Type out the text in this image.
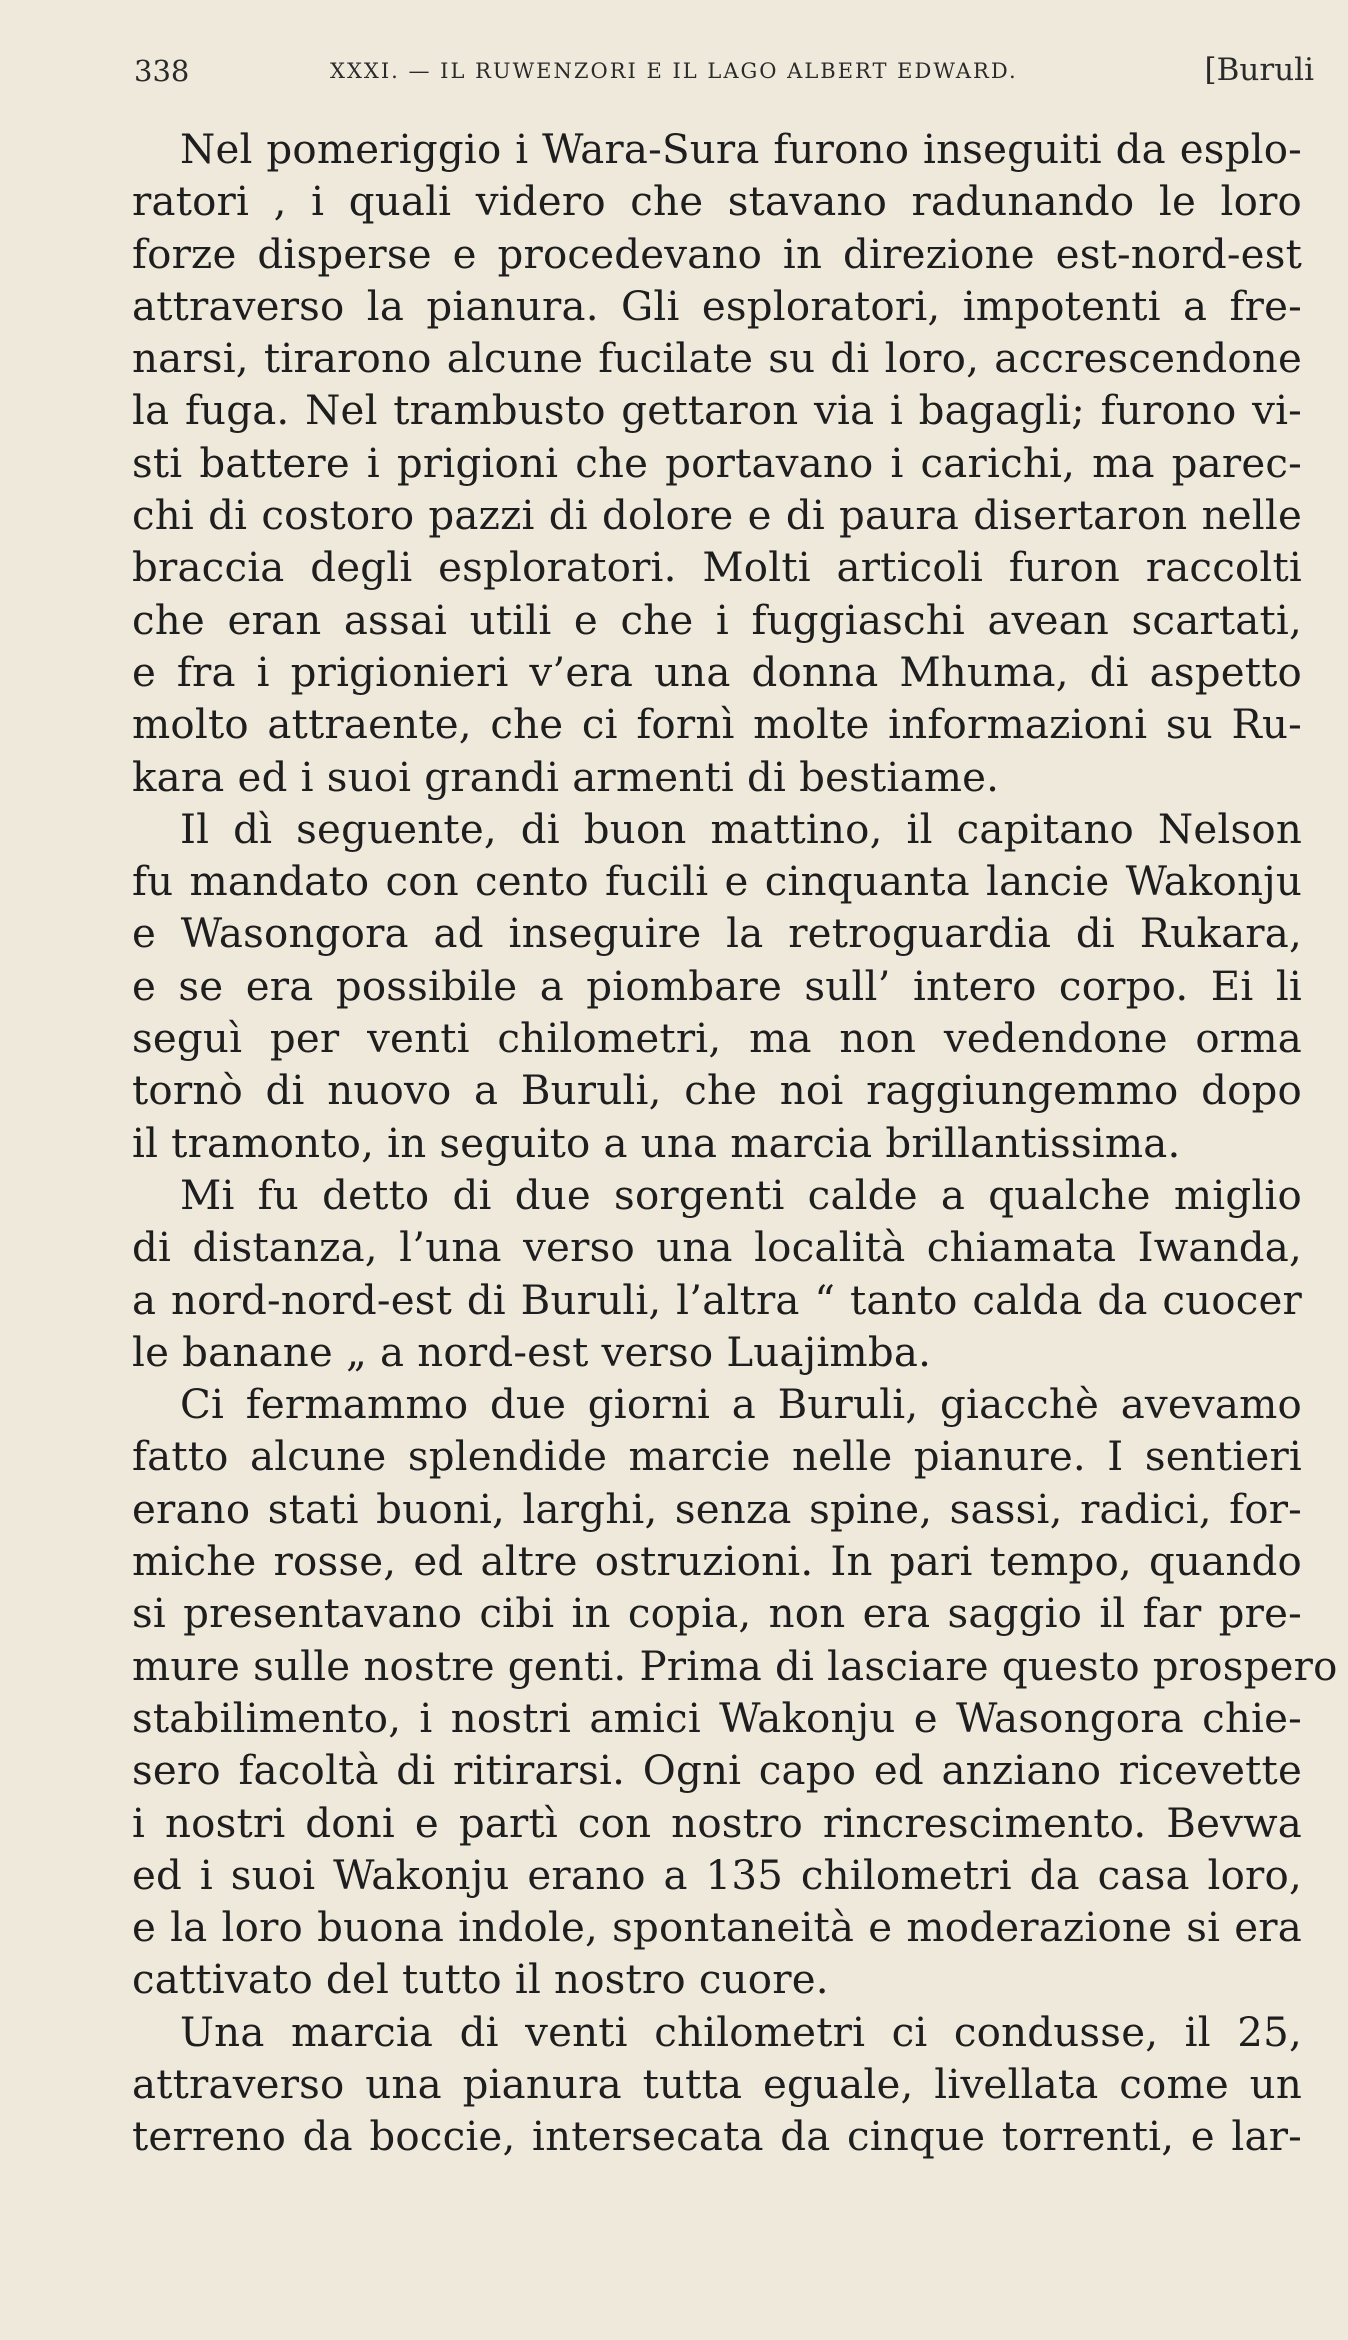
338	XXXI. — IL RUWENZORI E IL LAGO ALBERT EDWARD.	[Buruli
Nel pomeriggio i Wara-Sura furono inseguiti da esplo-
ratori , i quali videro che stavano radunando le loro
forze disperse e procedevano in direzione est-nord-est
attraverso la pianura. Gli esploratori, impotenti a fre-
narsi, tirarono alcune fucilate su di loro, accrescendone
la fuga. Nel trambusto gettaron via i bagagli; furono vi-
sti battere i prigioni che portavano i carichi, ma parec-
chi di costoro pazzi di dolore e di paura disertaron nelle
braccia degli esploratori. Molti articoli furon raccolti
che eran assai utili e che i fuggiaschi avean scartati,
e fra i prigionieri v’era una donna Mhuma, di aspetto
molto attraente, che ci fornì molte informazioni su Ru-
kara ed i suoi grandi armenti di bestiame.
Il dì seguente, di buon mattino, il capitano Nelson
fu mandato con cento fucili e cinquanta lancie Wakonju
e Wasongora ad inseguire la retroguardia di Rukara,
e se era possibile a piombare sull’ intero corpo. Ei li
seguì per venti chilometri, ma non vedendone orma
tornò di nuovo a Buruli, che noi raggiungemmo dopo
il tramonto, in seguito a una marcia brillantissima.
Mi fu detto di due sorgenti calde a qualche miglio
di distanza, l’una verso una località chiamata Iwanda,
a nord-nord-est di Buruli, l’altra “ tanto calda da cuocer
le banane „ a nord-est verso Luajimba.
Ci fermammo due giorni a Buruli, giacchè avevamo
fatto alcune splendide marcie nelle pianure. I sentieri
erano stati buoni, larghi, senza spine, sassi, radici, for-
miche rosse, ed altre ostruzioni. In pari tempo, quando
si presentavano cibi in copia, non era saggio il far pre-
mure sulle nostre genti. Prima di lasciare questo prospero
stabilimento, i nostri amici Wakonju e Wasongora chie-
sero facoltà di ritirarsi. Ogni capo ed anziano ricevette
i nostri doni e partì con nostro rincrescimento. Bevwa
ed i suoi Wakonju erano a 135 chilometri da casa loro,
e la loro buona indole, spontaneità e moderazione si era
cattivato del tutto il nostro cuore.
Una marcia di venti chilometri ci condusse, il 25,
attraverso una pianura tutta eguale, livellata come un
terreno da boccie, intersecata da cinque torrenti, e lar-
